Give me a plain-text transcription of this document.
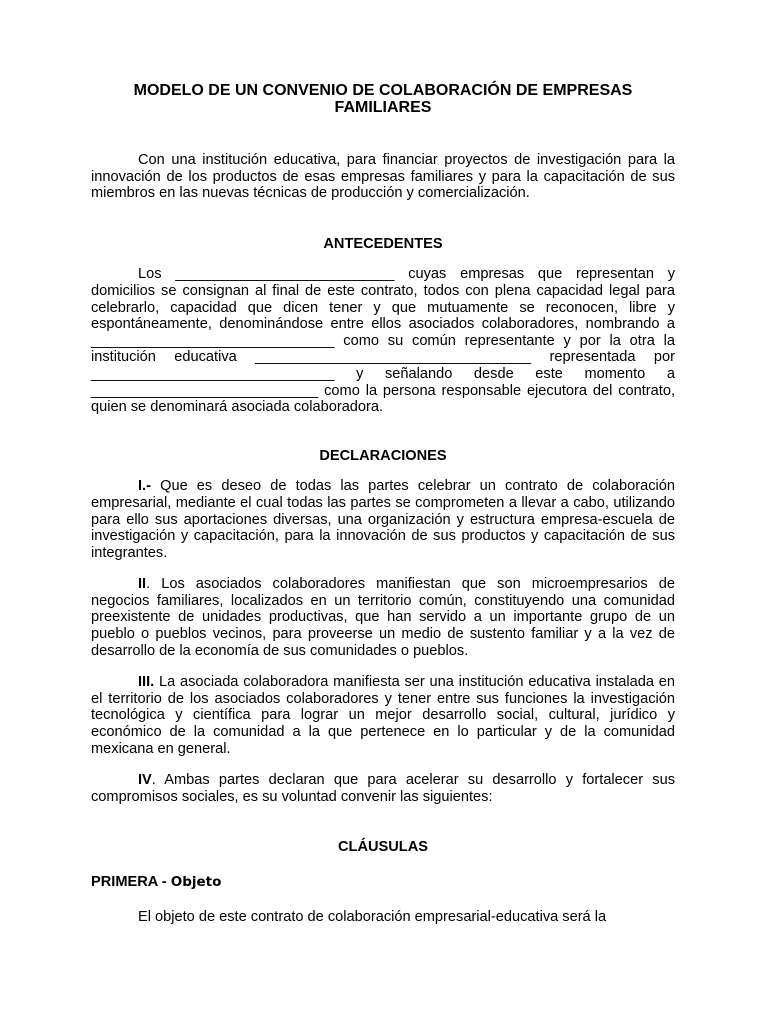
MODELO DE UN CONVENIO DE COLABORACIÓN DE EMPRESAS FAMILIARES

Con una institución educativa, para financiar proyectos de investigación para la innovación de los productos de esas empresas familiares y para la capacitación de sus miembros en las nuevas técnicas de producción y comercialización.

ANTECEDENTES

Los ___________________________ cuyas empresas que representan y domicilios se consignan al final de este contrato, todos con plena capacidad legal para celebrarlo, capacidad que dicen tener y que mutuamente se reconocen, libre y espontáneamente, denominándose entre ellos asociados colaboradores, nombrando a ______________________________ como su común representante y por la otra la institución educativa __________________________________ representada por ______________________________ y señalando desde este momento a ____________________________ como la persona responsable ejecutora del contrato, quien se denominará asociada colaboradora.

DECLARACIONES

I.- Que es deseo de todas las partes celebrar un contrato de colaboración empresarial, mediante el cual todas las partes se comprometen a llevar a cabo, utilizando para ello sus aportaciones diversas, una organización y estructura empresa-escuela de investigación y capacitación, para la innovación de sus productos y capacitación de sus integrantes.

II. Los asociados colaboradores manifiestan que son microempresarios de negocios familiares, localizados en un territorio común, constituyendo una comunidad preexistente de unidades productivas, que han servido a un importante grupo de un pueblo o pueblos vecinos, para proveerse un medio de sustento familiar y a la vez de desarrollo de la economía de sus comunidades o pueblos.

III. La asociada colaboradora manifiesta ser una institución educativa instalada en el territorio de los asociados colaboradores y tener entre sus funciones la investigación tecnológica y científica para lograr un mejor desarrollo social, cultural, jurídico y económico de la comunidad a la que pertenece en lo particular y de la comunidad mexicana en general.

IV. Ambas partes declaran que para acelerar su desarrollo y fortalecer sus compromisos sociales, es su voluntad convenir las siguientes:

CLÁUSULAS

PRIMERA - Objeto

El objeto de este contrato de colaboración empresarial-educativa será la
